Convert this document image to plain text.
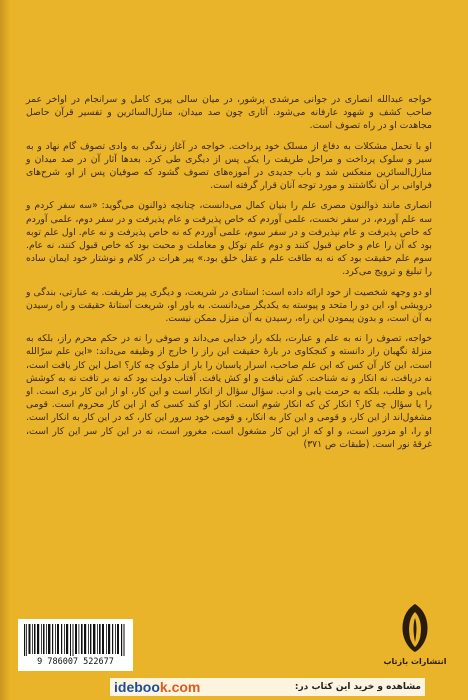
خواجه عبدالله انصاری در جوانی مرشدی پرشور، در میان سالی پیری کامل و سرانجام در اواخر عمر صاحب کشف و شهود عارفانه می‌شود. آثاری چون صد میدان، منازل‌السائرین و تفسیر قرآن حاصل مجاهدت او در راه تصوف است.

او با تحمل مشکلات به دفاع از مسلک خود پرداخت. خواجه در آغاز زندگی به وادی تصوف گام نهاد و به سیر و سلوک پرداخت و مراحل طریقت را یکی پس از دیگری طی کرد. بعدها آثار آن در صد میدان و منازل‌السائرین منعکس شد و باب جدیدی در آموزه‌های تصوف گشود که صوفیان پس از او، شرح‌های فراوانی بر آن نگاشتند و مورد توجه آنان قرار گرفته است.

انصاری مانند ذوالنون مصری علم را بنیان کمال می‌دانست، چنانچه ذوالنون می‌گوید: «سه سفر کردم و سه علم آوردم، در سفر نخست، علمی آوردم که خاص پذیرفت و عام پذیرفت و در سفر دوم، علمی آوردم که خاص پذیرفت و عام نپذیرفت و در سفر سوم، علمی آوردم که نه خاص پذیرفت و نه عام. اول علم توبه بود که آن را عام و خاص قبول کنند و دوم علم توکل و معاملت و محبت بود که خاص قبول کنند، نه عام. سوم علم حقیقت بود که نه به طاقت علم و عقل خلق بود.» پیر هرات در کلام و نوشتار خود ایمان ساده را تبلیغ و ترویج می‌کرد.

او دو وجهه شخصیت از خود ارائه داده است: استادی در شریعت، و دیگری پیر طریقت. به عبارتی، بندگی و درویشی او، این دو را متحد و پیوسته به یکدیگر می‌دانست. به باور او، شریعت آستانهٔ حقیقت و راه رسیدن به آن است، و بدون پیمودن این راه، رسیدن به آن منزل ممکن نیست.

خواجه، تصوف را نه به علم و عبارت، بلکه راز خدایی می‌داند و صوفی را نه در حکم محرم راز، بلکه به منزلهٔ نگهبان راز دانسته و کنجکاوی در بارهٔ حقیقت این راز را خارج از وظیفه می‌داند: «این علم سرّالله است، این کار آن کس که این علم صاحب، اسرار پاسبان را بار از ملوک چه کار؟ اصل این کار یافت است، نه دریافت، نه انکار و نه شناخت. کش نیافت و او کش یافت. آفتاب دولت بود که نه بر تافت نه به کوشش یابی و طلب، بلکه به حرمت یابی و ادب. سؤال سؤال از انکار است و این کار، او از این کار بری است. او را یا سؤال چه کار؟ انکار کن که انکار شوم است. انکار او کند کسی که از این کار محروم است. قومی مشغول‌اند از این کار، و قومی و این کار به انکار، و قومی خود سرور این کار، که در این کار به انکار است. او را، او مزدور است، و او که از این کار مشغول است، مغرور است، نه در این کار سر این کار است، غرقهٔ نور است. (طبقات ص ۳۷۱)

9 786007 522677	انتشارات بازتاب
idebook.com	مشاهده و خرید این کتاب در:
